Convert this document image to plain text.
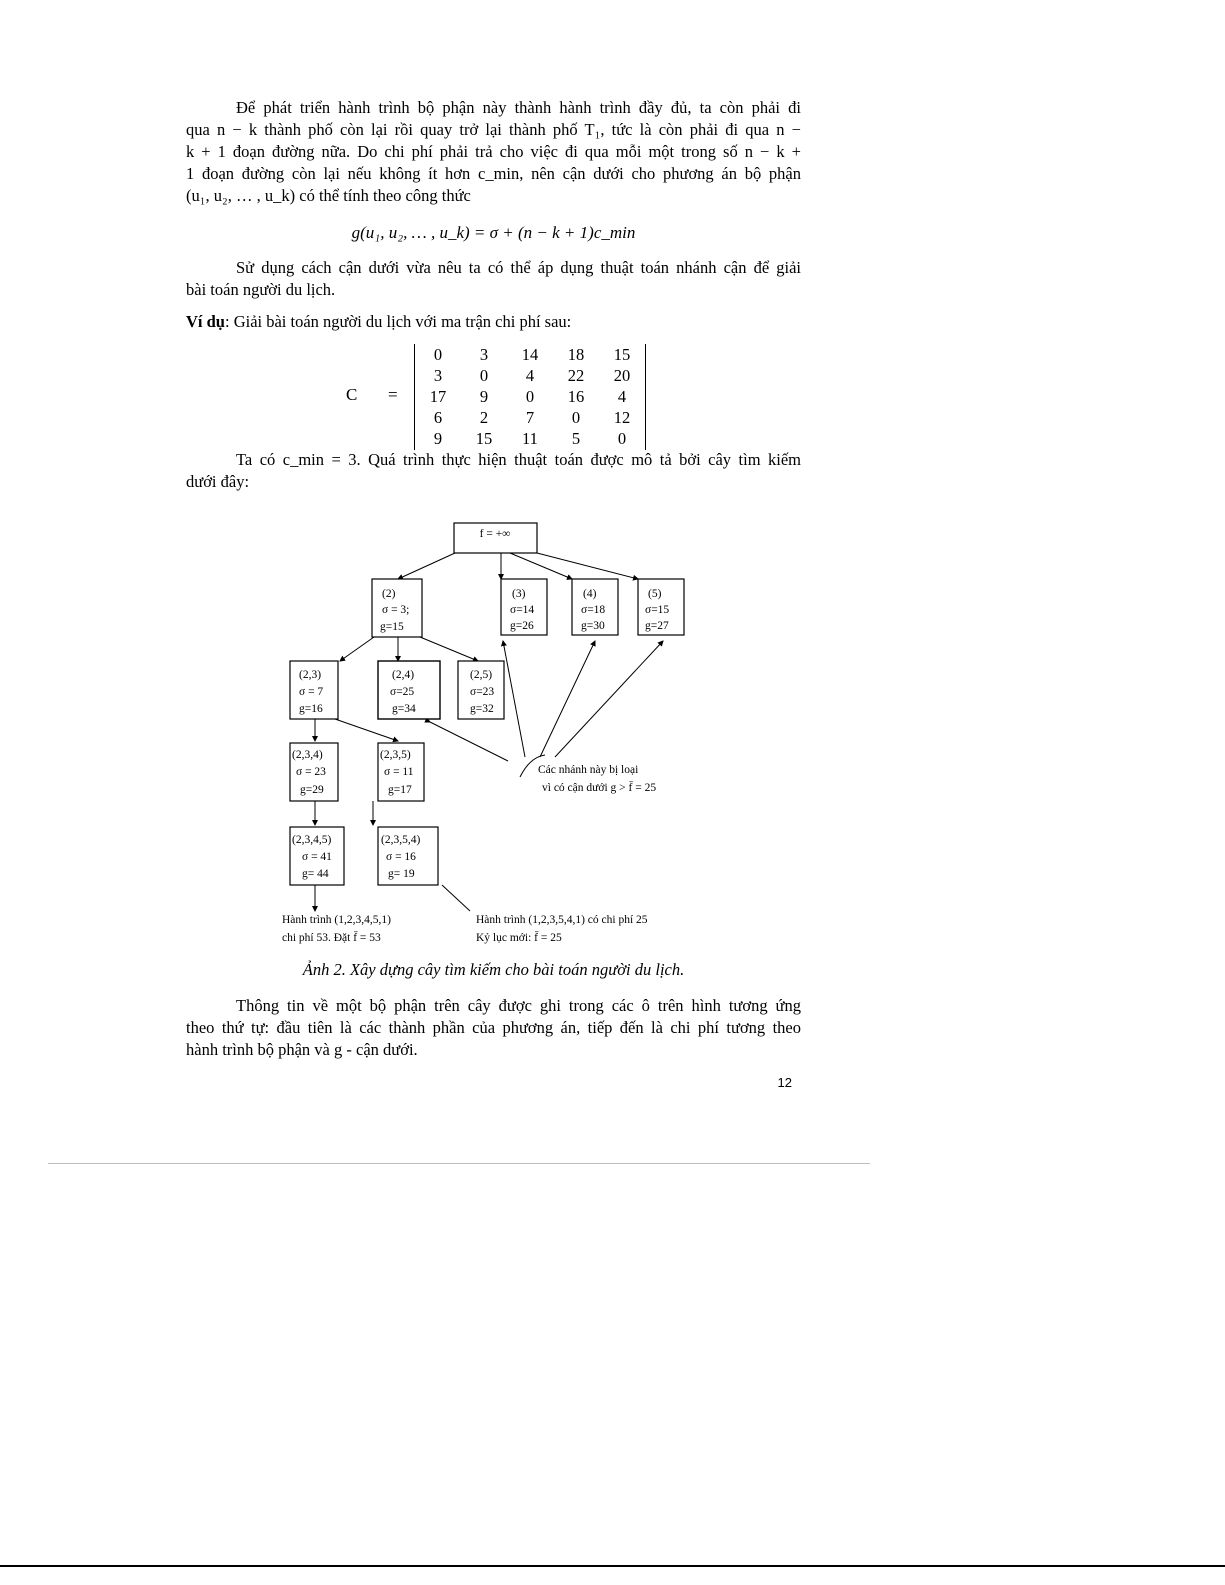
Để phát triển hành trình bộ phận này thành hành trình đầy đủ, ta còn phải đi
qua n − k thành phố còn lại rồi quay trở lại thành phố T₁, tức là còn phải đi qua n −
k + 1 đoạn đường nữa. Do chi phí phải trả cho việc đi qua mỗi một trong số n − k +
1 đoạn đường còn lại nếu không ít hơn c_min, nên cận dưới cho phương án bộ phận
(u₁, u₂, … , u_k) có thể tính theo công thức
g(u₁, u₂, … , u_k) = σ + (n − k + 1)c_min
Sử dụng cách cận dưới vừa nêu ta có thể áp dụng thuật toán nhánh cận để giải
bài toán người du lịch.
Ví dụ: Giải bài toán người du lịch với ma trận chi phí sau:
C =
0	3	14	18	15
3	0	4	22	20
17	9	0	16	4
6	2	7	0	12
9	15	11	5	0
Ta có c_min = 3. Quá trình thực hiện thuật toán được mô tả bởi cây tìm kiếm
dưới đây:
f = +∞
(2)
σ = 3;
g=15
(3)
σ=14
g=26
(4)
σ=18
g=30
(5)
σ=15
g=27
(2,3)
σ = 7
g=16
(2,4)
σ=25
g=34
(2,5)
σ=23
g=32
(2,3,4)
σ = 23
g=29
(2,3,5)
σ = 11
g=17
(2,3,4,5)
σ = 41
g= 44
(2,3,5,4)
σ = 16
g= 19
Các nhánh này bị loại
vì có cận dưới g > f̄ = 25
Hành trình (1,2,3,4,5,1)
chi phí 53. Đặt f̄ = 53
Hành trình (1,2,3,5,4,1) có chi phí 25
Kỷ lục mới: f̄ = 25
Ảnh 2. Xây dựng cây tìm kiếm cho bài toán người du lịch.
Thông tin về một bộ phận trên cây được ghi trong các ô trên hình tương ứng
theo thứ tự: đầu tiên là các thành phần của phương án, tiếp đến là chi phí tương theo
hành trình bộ phận và g - cận dưới.
12
